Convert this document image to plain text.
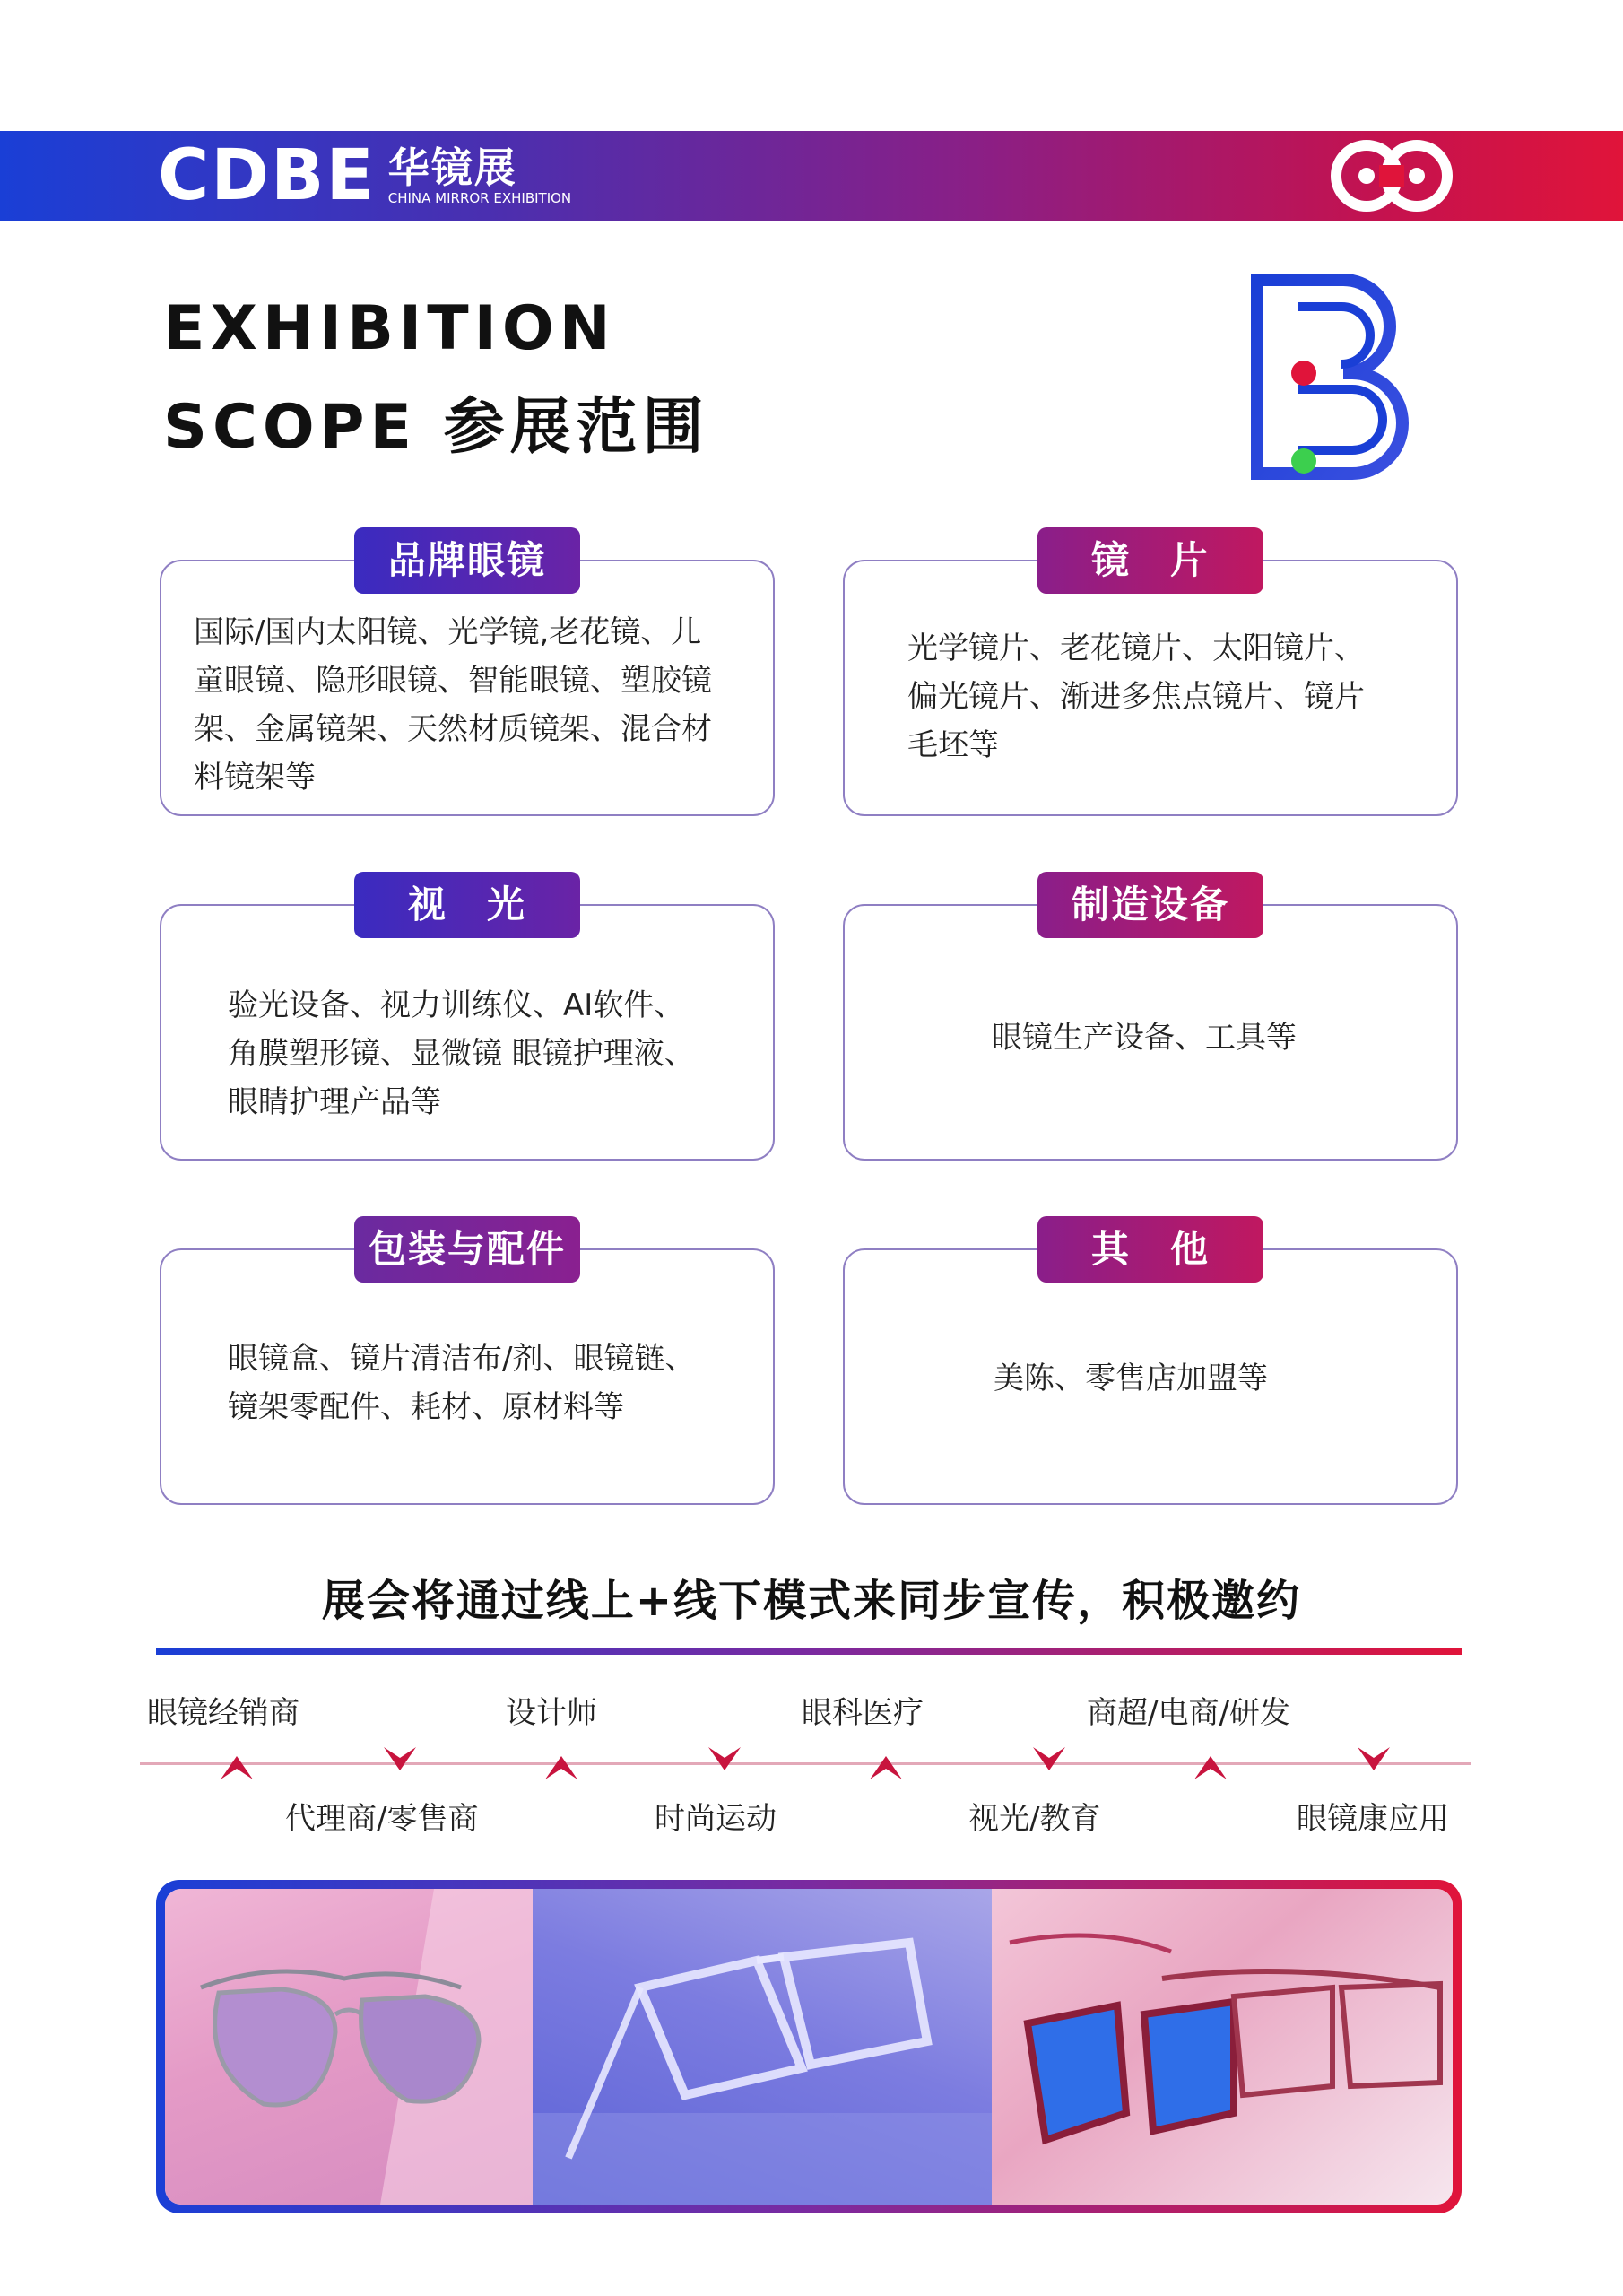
CDBE 华镜展
CHINA MIRROR EXHIBITION
EXHIBITION
SCOPE 参展范围
品牌眼镜
国际/国内太阳镜、光学镜,老花镜、儿
童眼镜、隐形眼镜、智能眼镜、塑胶镜
架、金属镜架、天然材质镜架、混合材
料镜架等
镜　片
光学镜片、老花镜片、太阳镜片、
偏光镜片、渐进多焦点镜片、镜片
毛坯等
视　光
验光设备、视力训练仪、AI软件、
角膜塑形镜、显微镜 眼镜护理液、
眼睛护理产品等
制造设备
眼镜生产设备、工具等
包装与配件
眼镜盒、镜片清洁布/剂、眼镜链、
镜架零配件、耗材、原材料等
其　他
美陈、零售店加盟等
展会将通过线上+线下模式来同步宣传，积极邀约
眼镜经销商	设计师	眼科医疗	商超/电商/研发
代理商/零售商	时尚运动	视光/教育	眼镜康应用
